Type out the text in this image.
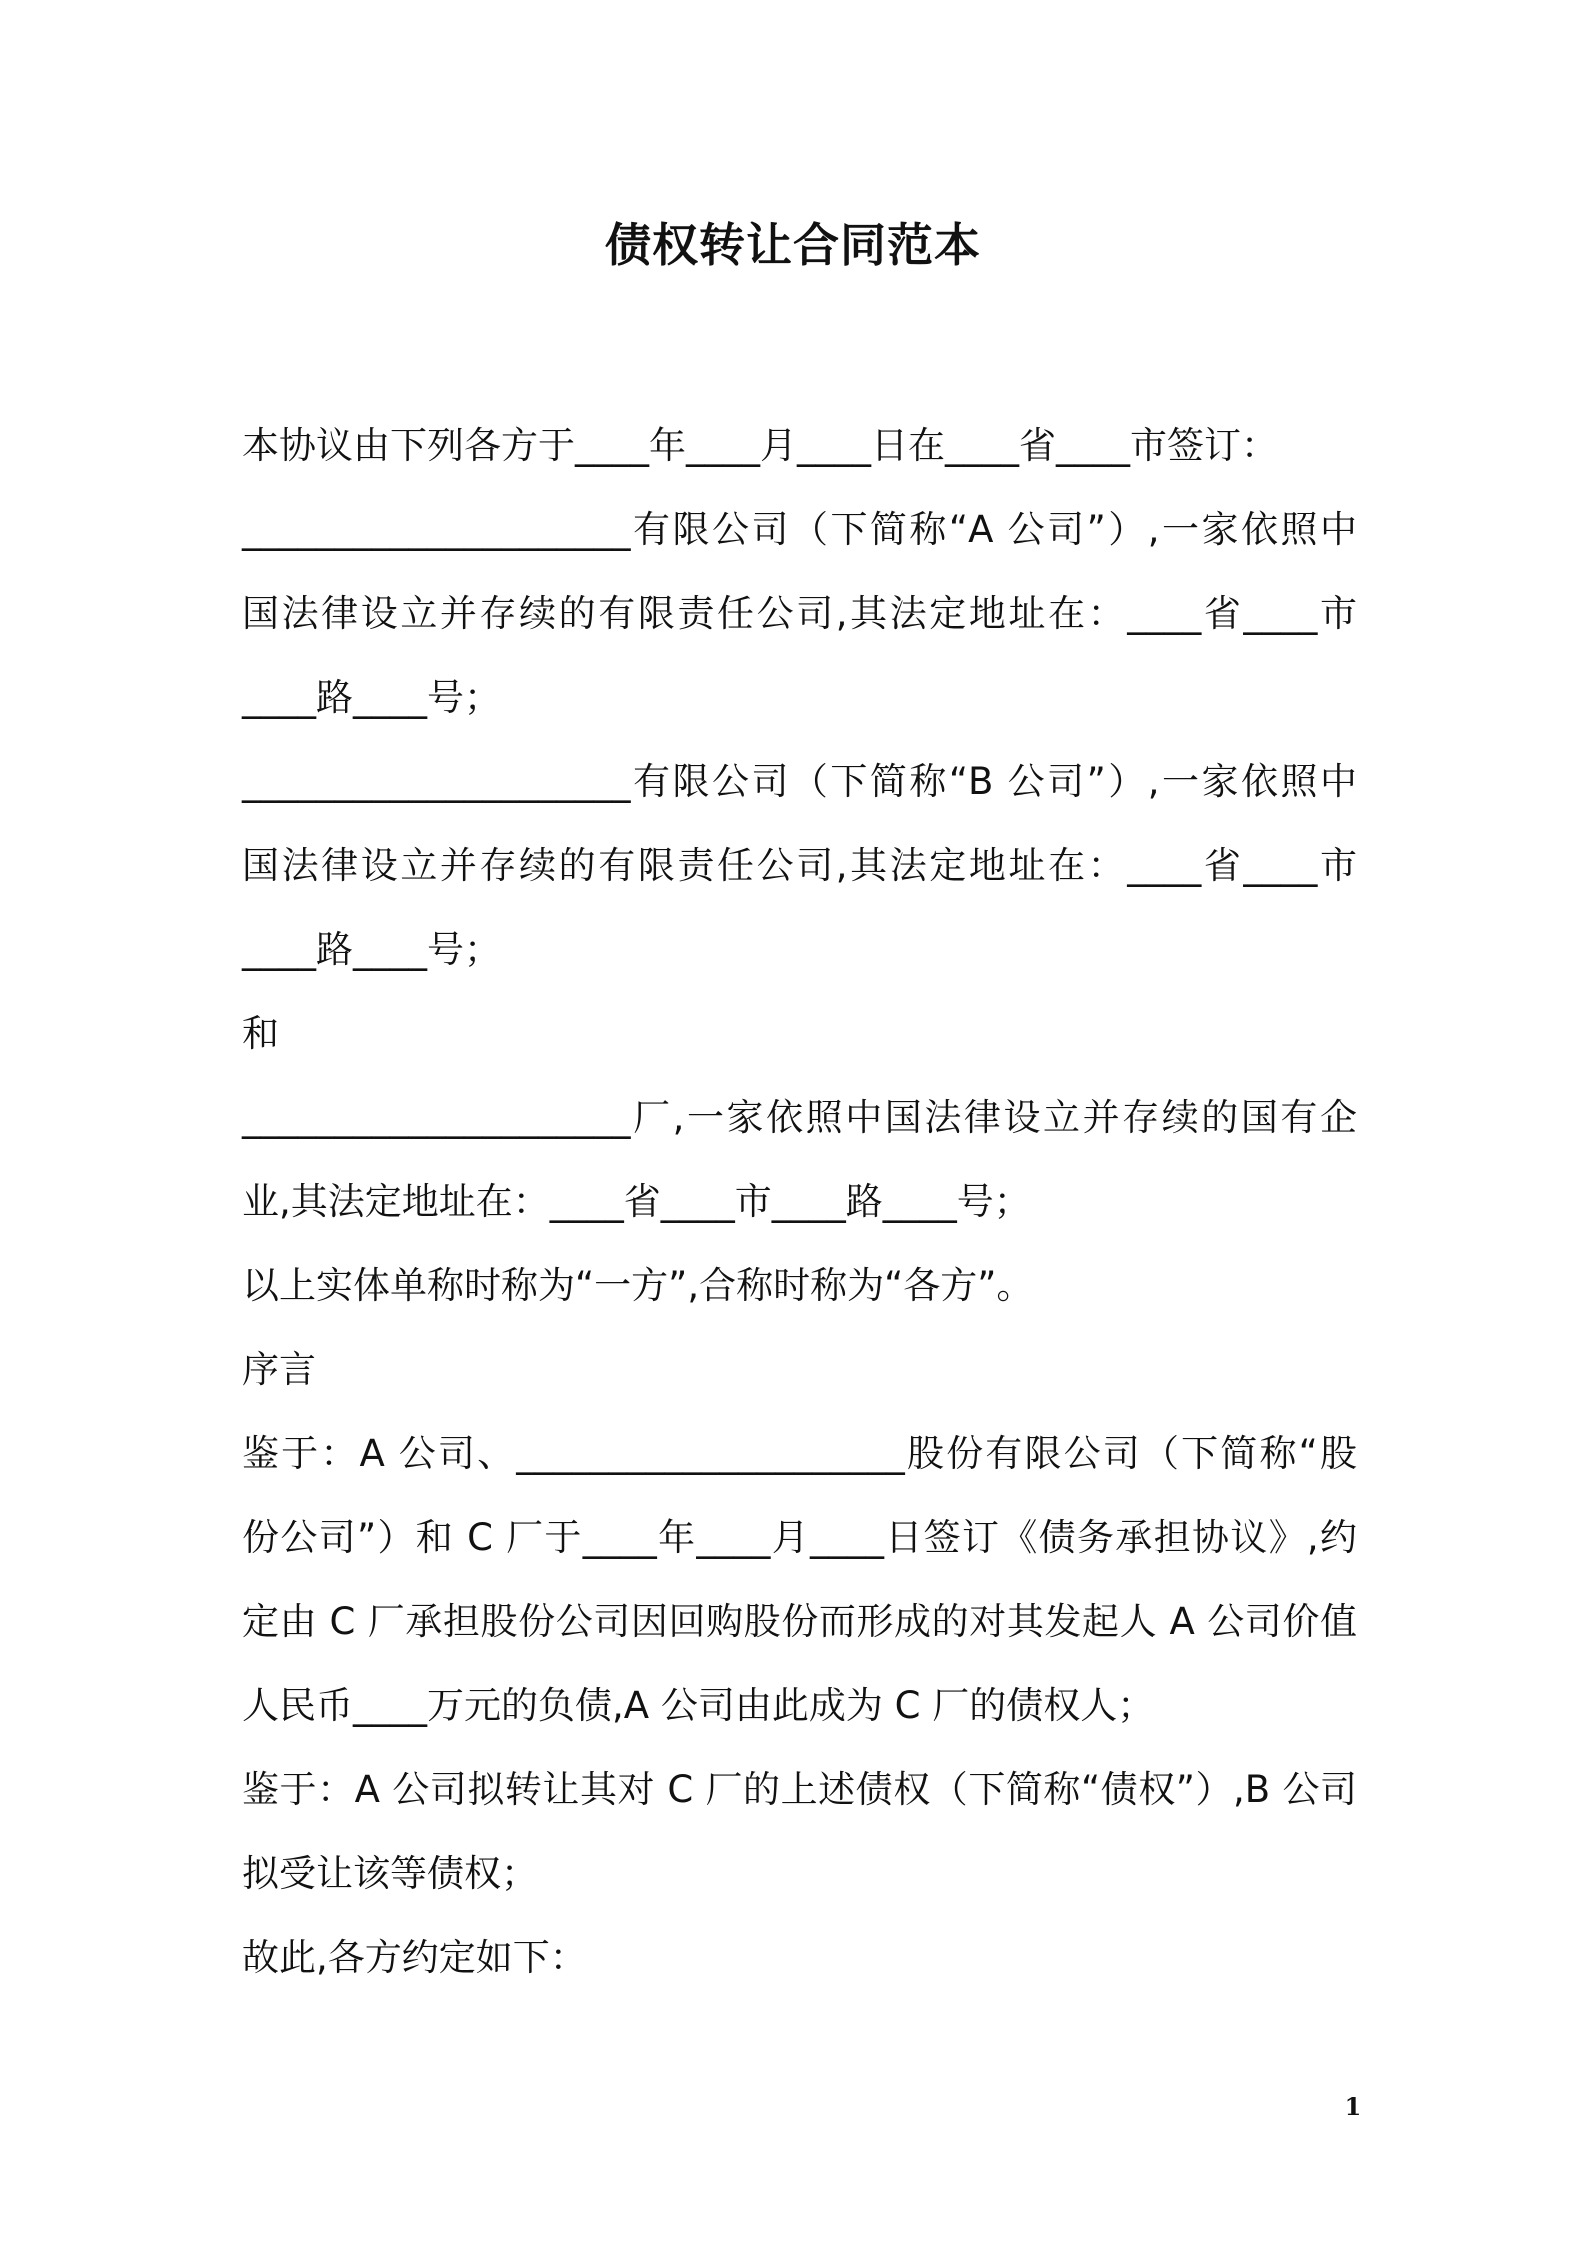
债权转让合同范本
本协议由下列各方于____年____月____日在____省____市签订：
_____________________有限公司（下简称“A 公司”）,一家依照中
国法律设立并存续的有限责任公司,其法定地址在：____省____市
____路____号；
_____________________有限公司（下简称“B 公司”）,一家依照中
国法律设立并存续的有限责任公司,其法定地址在：____省____市
____路____号；
和
_____________________厂,一家依照中国法律设立并存续的国有企
业,其法定地址在：____省____市____路____号；
以上实体单称时称为“一方”,合称时称为“各方”。
序言
鉴于：A 公司、_____________________股份有限公司（下简称“股
份公司”）和 C 厂于____年____月____日签订《债务承担协议》,约
定由 C 厂承担股份公司因回购股份而形成的对其发起人 A 公司价值
人民币____万元的负债,A 公司由此成为 C 厂的债权人；
鉴于：A 公司拟转让其对 C 厂的上述债权（下简称“债权”）,B 公司
拟受让该等债权；
故此,各方约定如下：
1
